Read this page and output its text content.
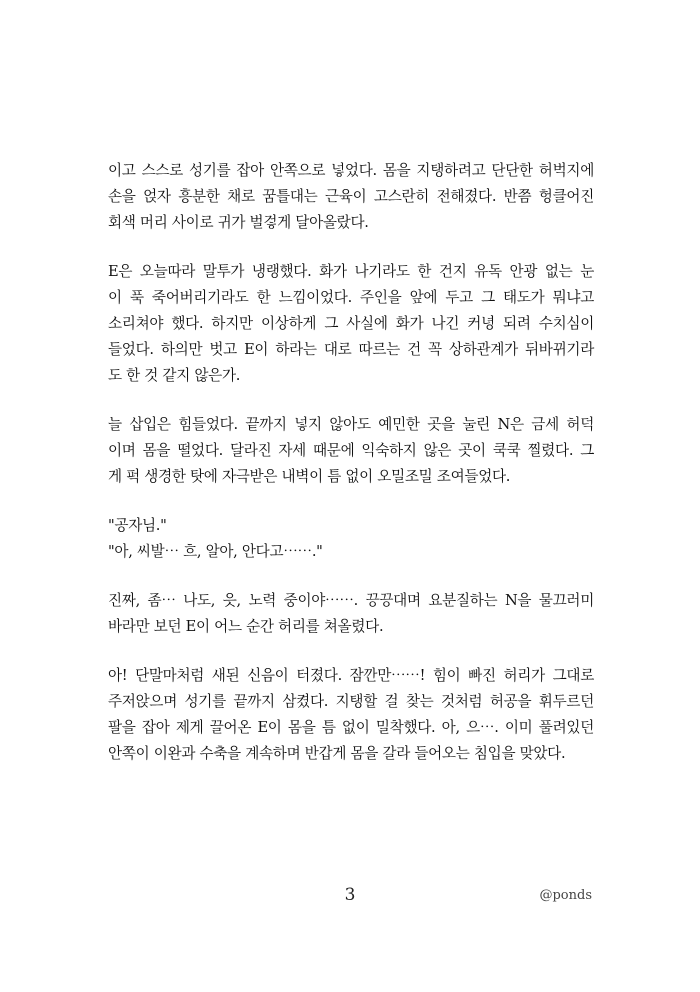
이고 스스로 성기를 잡아 안쪽으로 넣었다. 몸을 지탱하려고 단단한 허벅지에
손을 얹자 흥분한 채로 꿈틀대는 근육이 고스란히 전해졌다. 반쯤 헝클어진
회색 머리 사이로 귀가 벌겋게 달아올랐다.
E은 오늘따라 말투가 냉랭했다. 화가 나기라도 한 건지 유독 안광 없는 눈
이 푹 죽어버리기라도 한 느낌이었다. 주인을 앞에 두고 그 태도가 뭐냐고
소리쳐야 했다. 하지만 이상하게 그 사실에 화가 나긴 커녕 되려 수치심이
들었다. 하의만 벗고 E이 하라는 대로 따르는 건 꼭 상하관계가 뒤바뀌기라
도 한 것 같지 않은가.
늘 삽입은 힘들었다. 끝까지 넣지 않아도 예민한 곳을 눌린 N은 금세 허덕
이며 몸을 떨었다. 달라진 자세 때문에 익숙하지 않은 곳이 쿡쿡 찔렸다. 그
게 퍽 생경한 탓에 자극받은 내벽이 틈 없이 오밀조밀 조여들었다.
"공자님."
"아, 씨발⋯ 흐, 알아, 안다고⋯⋯."
진짜, 좀⋯ 나도, 읏, 노력 중이야⋯⋯. 끙끙대며 요분질하는 N을 물끄러미
바라만 보던 E이 어느 순간 허리를 쳐올렸다.
아! 단말마처럼 새된 신음이 터졌다. 잠깐만⋯⋯! 힘이 빠진 허리가 그대로
주저앉으며 성기를 끝까지 삼켰다. 지탱할 걸 찾는 것처럼 허공을 휘두르던
팔을 잡아 제게 끌어온 E이 몸을 틈 없이 밀착했다. 아, 으⋯. 이미 풀려있던
안쪽이 이완과 수축을 계속하며 반갑게 몸을 갈라 들어오는 침입을 맞았다.
3	@ponds
